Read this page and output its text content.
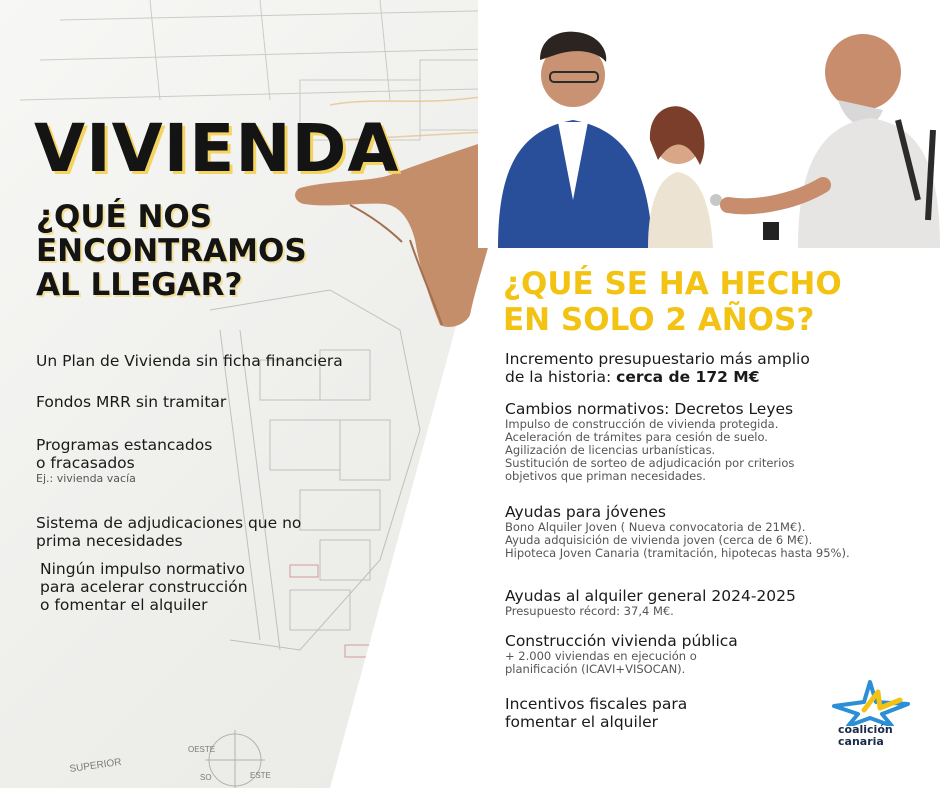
SUPERIOR
OESTE
ESTE
SO
VIVIENDA
¿QUÉ NOS
ENCONTRAMOS
AL LLEGAR?
Un Plan de Vivienda sin ficha financiera
Fondos MRR sin tramitar
Programas estancados
o fracasados
Ej.: vivienda vacía
Sistema de adjudicaciones que no
prima necesidades
Ningún impulso normativo
para acelerar construcción
o fomentar el alquiler
¿QUÉ SE HA HECHO
EN SOLO 2 AÑOS?
Incremento presupuestario más amplio
de la historia: cerca de 172 M€
Cambios normativos: Decretos Leyes
Impulso de construcción de vivienda protegida.
Aceleración de trámites para cesión de suelo.
Agilización de licencias urbanísticas.
Sustitución de sorteo de adjudicación por criterios
objetivos que priman necesidades.
Ayudas para jóvenes
Bono Alquiler Joven ( Nueva convocatoria de 21M€).
Ayuda adquisición de vivienda joven (cerca de 6 M€).
Hipoteca Joven Canaria (tramitación, hipotecas hasta 95%).
Ayudas al alquiler general 2024-2025
Presupuesto récord: 37,4 M€.
Construcción vivienda pública
+ 2.000 viviendas en ejecución o
planificación (ICAVI+VISOCAN).
Incentivos fiscales para
fomentar el alquiler	coalición
canaria
